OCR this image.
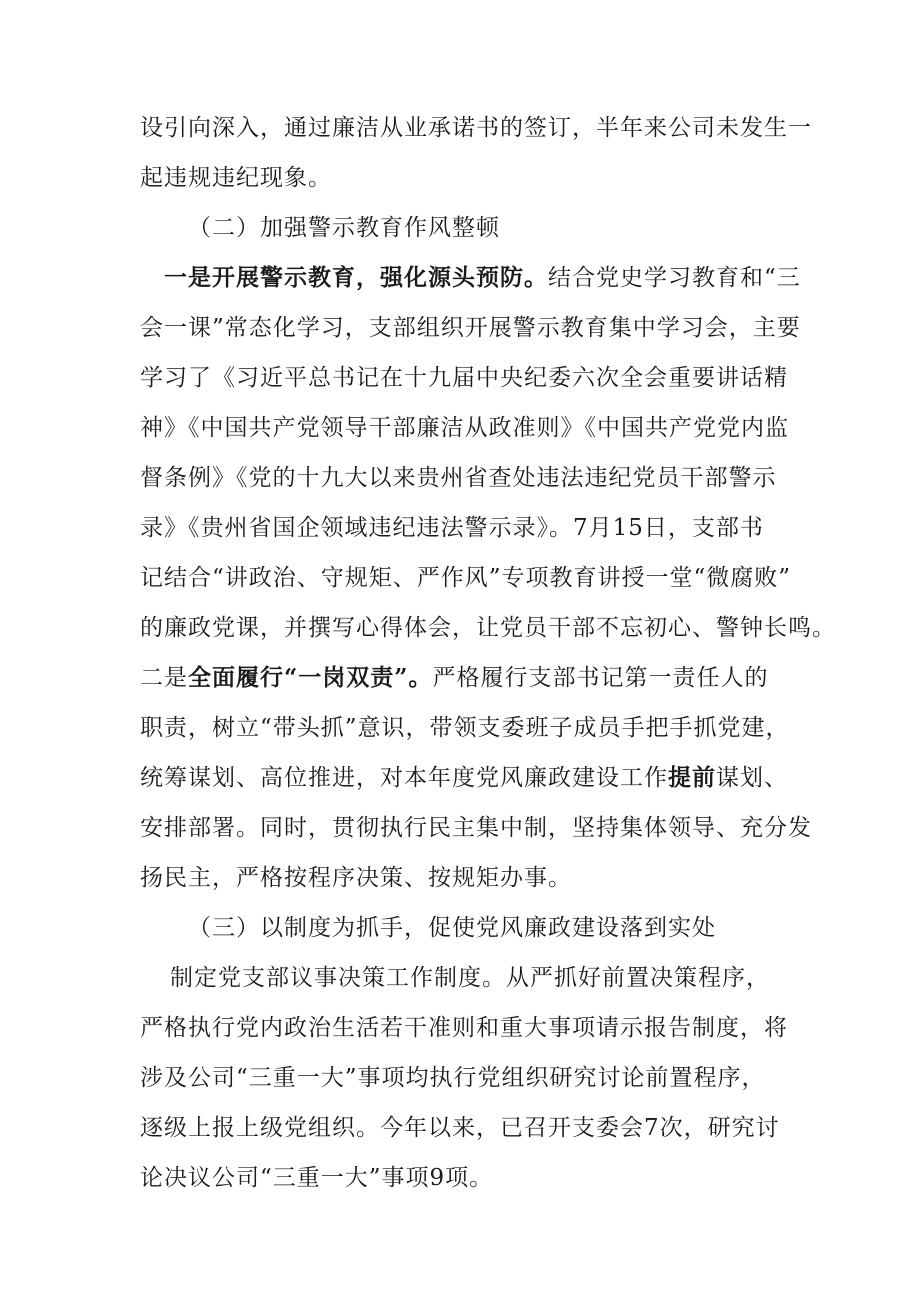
设引向深入，通过廉洁从业承诺书的签订，半年来公司未发生一
起违规违纪现象。
（二）加强警示教育作风整顿
一是开展警示教育，强化源头预防。结合党史学习教育和“三
会一课”常态化学习，支部组织开展警示教育集中学习会，主要
学习了《习近平总书记在十九届中央纪委六次全会重要讲话精
神》《中国共产党领导干部廉洁从政准则》《中国共产党党内监
督条例》《党的十九大以来贵州省查处违法违纪党员干部警示
录》《贵州省国企领域违纪违法警示录》。7月15日，支部书
记结合“讲政治、守规矩、严作风”专项教育讲授一堂“微腐败”
的廉政党课，并撰写心得体会，让党员干部不忘初心、警钟长鸣。
二是全面履行“一岗双责”。严格履行支部书记第一责任人的
职责，树立“带头抓”意识，带领支委班子成员手把手抓党建，
统筹谋划、高位推进，对本年度党风廉政建设工作提前谋划、
安排部署。同时，贯彻执行民主集中制，坚持集体领导、充分发
扬民主，严格按程序决策、按规矩办事。
（三）以制度为抓手，促使党风廉政建设落到实处
制定党支部议事决策工作制度。从严抓好前置决策程序，
严格执行党内政治生活若干准则和重大事项请示报告制度，将
涉及公司“三重一大”事项均执行党组织研究讨论前置程序，
逐级上报上级党组织。今年以来，已召开支委会7次，研究讨
论决议公司“三重一大”事项9项。
